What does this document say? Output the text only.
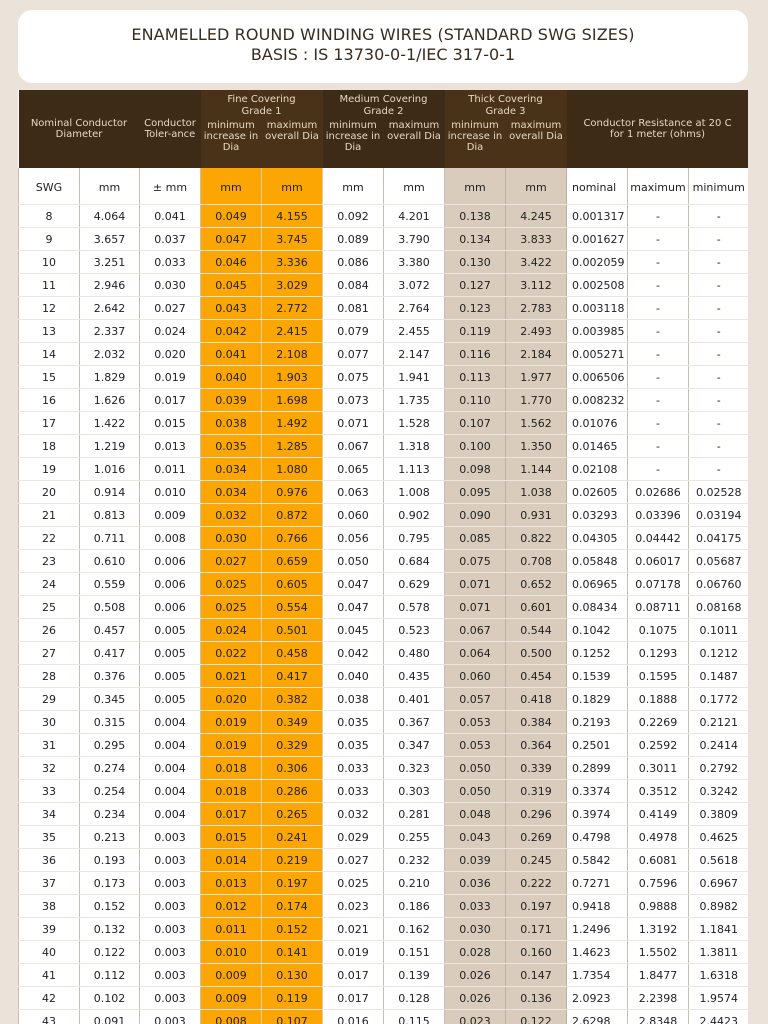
ENAMELLED ROUND WINDING WIRES (STANDARD SWG SIZES)
BASIS : IS 13730-0-1/IEC 317-0-1
Nominal Conductor Diameter		Conductor Toler-ance	Fine Covering Grade 1		Medium Covering Grade 2		Thick Covering Grade 3		Conductor Resistance at 20 C for 1 meter (ohms)		
			minimum increase in Dia	maximum overall Dia	minimum increase in Dia	maximum overall Dia	minimum increase in Dia	maximum overall Dia			
SWG	mm	± mm	mm	mm	mm	mm	mm	mm	nominal	maximum	minimum
8	4.064	0.041	0.049	4.155	0.092	4.201	0.138	4.245	0.001317	-	-
9	3.657	0.037	0.047	3.745	0.089	3.790	0.134	3.833	0.001627	-	-
10	3.251	0.033	0.046	3.336	0.086	3.380	0.130	3.422	0.002059	-	-
11	2.946	0.030	0.045	3.029	0.084	3.072	0.127	3.112	0.002508	-	-
12	2.642	0.027	0.043	2.772	0.081	2.764	0.123	2.783	0.003118	-	-
13	2.337	0.024	0.042	2.415	0.079	2.455	0.119	2.493	0.003985	-	-
14	2.032	0.020	0.041	2.108	0.077	2.147	0.116	2.184	0.005271	-	-
15	1.829	0.019	0.040	1.903	0.075	1.941	0.113	1.977	0.006506	-	-
16	1.626	0.017	0.039	1.698	0.073	1.735	0.110	1.770	0.008232	-	-
17	1.422	0.015	0.038	1.492	0.071	1.528	0.107	1.562	0.01076	-	-
18	1.219	0.013	0.035	1.285	0.067	1.318	0.100	1.350	0.01465	-	-
19	1.016	0.011	0.034	1.080	0.065	1.113	0.098	1.144	0.02108	-	-
20	0.914	0.010	0.034	0.976	0.063	1.008	0.095	1.038	0.02605	0.02686	0.02528
21	0.813	0.009	0.032	0.872	0.060	0.902	0.090	0.931	0.03293	0.03396	0.03194
22	0.711	0.008	0.030	0.766	0.056	0.795	0.085	0.822	0.04305	0.04442	0.04175
23	0.610	0.006	0.027	0.659	0.050	0.684	0.075	0.708	0.05848	0.06017	0.05687
24	0.559	0.006	0.025	0.605	0.047	0.629	0.071	0.652	0.06965	0.07178	0.06760
25	0.508	0.006	0.025	0.554	0.047	0.578	0.071	0.601	0.08434	0.08711	0.08168
26	0.457	0.005	0.024	0.501	0.045	0.523	0.067	0.544	0.1042	0.1075	0.1011
27	0.417	0.005	0.022	0.458	0.042	0.480	0.064	0.500	0.1252	0.1293	0.1212
28	0.376	0.005	0.021	0.417	0.040	0.435	0.060	0.454	0.1539	0.1595	0.1487
29	0.345	0.005	0.020	0.382	0.038	0.401	0.057	0.418	0.1829	0.1888	0.1772
30	0.315	0.004	0.019	0.349	0.035	0.367	0.053	0.384	0.2193	0.2269	0.2121
31	0.295	0.004	0.019	0.329	0.035	0.347	0.053	0.364	0.2501	0.2592	0.2414
32	0.274	0.004	0.018	0.306	0.033	0.323	0.050	0.339	0.2899	0.3011	0.2792
33	0.254	0.004	0.018	0.286	0.033	0.303	0.050	0.319	0.3374	0.3512	0.3242
34	0.234	0.004	0.017	0.265	0.032	0.281	0.048	0.296	0.3974	0.4149	0.3809
35	0.213	0.003	0.015	0.241	0.029	0.255	0.043	0.269	0.4798	0.4978	0.4625
36	0.193	0.003	0.014	0.219	0.027	0.232	0.039	0.245	0.5842	0.6081	0.5618
37	0.173	0.003	0.013	0.197	0.025	0.210	0.036	0.222	0.7271	0.7596	0.6967
38	0.152	0.003	0.012	0.174	0.023	0.186	0.033	0.197	0.9418	0.9888	0.8982
39	0.132	0.003	0.011	0.152	0.021	0.162	0.030	0.171	1.2496	1.3192	1.1841
40	0.122	0.003	0.010	0.141	0.019	0.151	0.028	0.160	1.4623	1.5502	1.3811
41	0.112	0.003	0.009	0.130	0.017	0.139	0.026	0.147	1.7354	1.8477	1.6318
42	0.102	0.003	0.009	0.119	0.017	0.128	0.026	0.136	2.0923	2.2398	1.9574
43	0.091	0.003	0.008	0.107	0.016	0.115	0.023	0.122	2.6298	2.8348	2.4423
